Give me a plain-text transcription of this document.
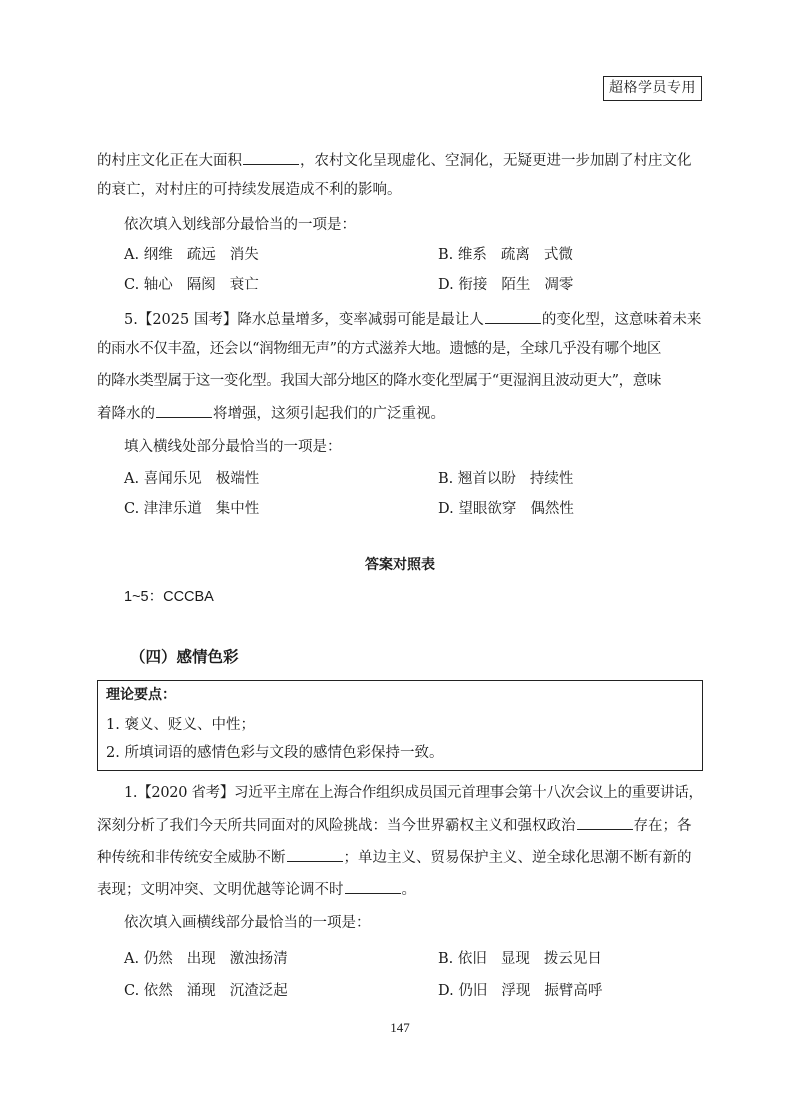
超格学员专用
的村庄文化正在大面积	，农村文化呈现虚化、空洞化，无疑更进一步加剧了村庄文化
的衰亡，对村庄的可持续发展造成不利的影响。
依次填入划线部分最恰当的一项是：
A. 纲维 疏远 消失	B. 维系 疏离 式微
C. 轴心 隔阂 衰亡	D. 衔接 陌生 凋零
5.【2025 国考】降水总量增多，变率减弱可能是最让人	的变化型，这意味着未来
的雨水不仅丰盈，还会以“润物细无声”的方式滋养大地。遗憾的是，全球几乎没有哪个地区
的降水类型属于这一变化型。我国大部分地区的降水变化型属于“更湿润且波动更大”，意味
着降水的	将增强，这须引起我们的广泛重视。
填入横线处部分最恰当的一项是：
A. 喜闻乐见 极端性	B. 翘首以盼 持续性
C. 津津乐道 集中性	D. 望眼欲穿 偶然性
答案对照表
1~5：CCCBA
（四）感情色彩
理论要点：
1. 褒义、贬义、中性；
2. 所填词语的感情色彩与文段的感情色彩保持一致。
1.【2020 省考】习近平主席在上海合作组织成员国元首理事会第十八次会议上的重要讲话，
深刻分析了我们今天所共同面对的风险挑战：当今世界霸权主义和强权政治	存在；各
种传统和非传统安全威胁不断	；单边主义、贸易保护主义、逆全球化思潮不断有新的
表现；文明冲突、文明优越等论调不时	。
依次填入画横线部分最恰当的一项是：
A. 仍然 出现 激浊扬清	B. 依旧 显现 拨云见日
C. 依然 涌现 沉渣泛起	D. 仍旧 浮现 振臂高呼
147
